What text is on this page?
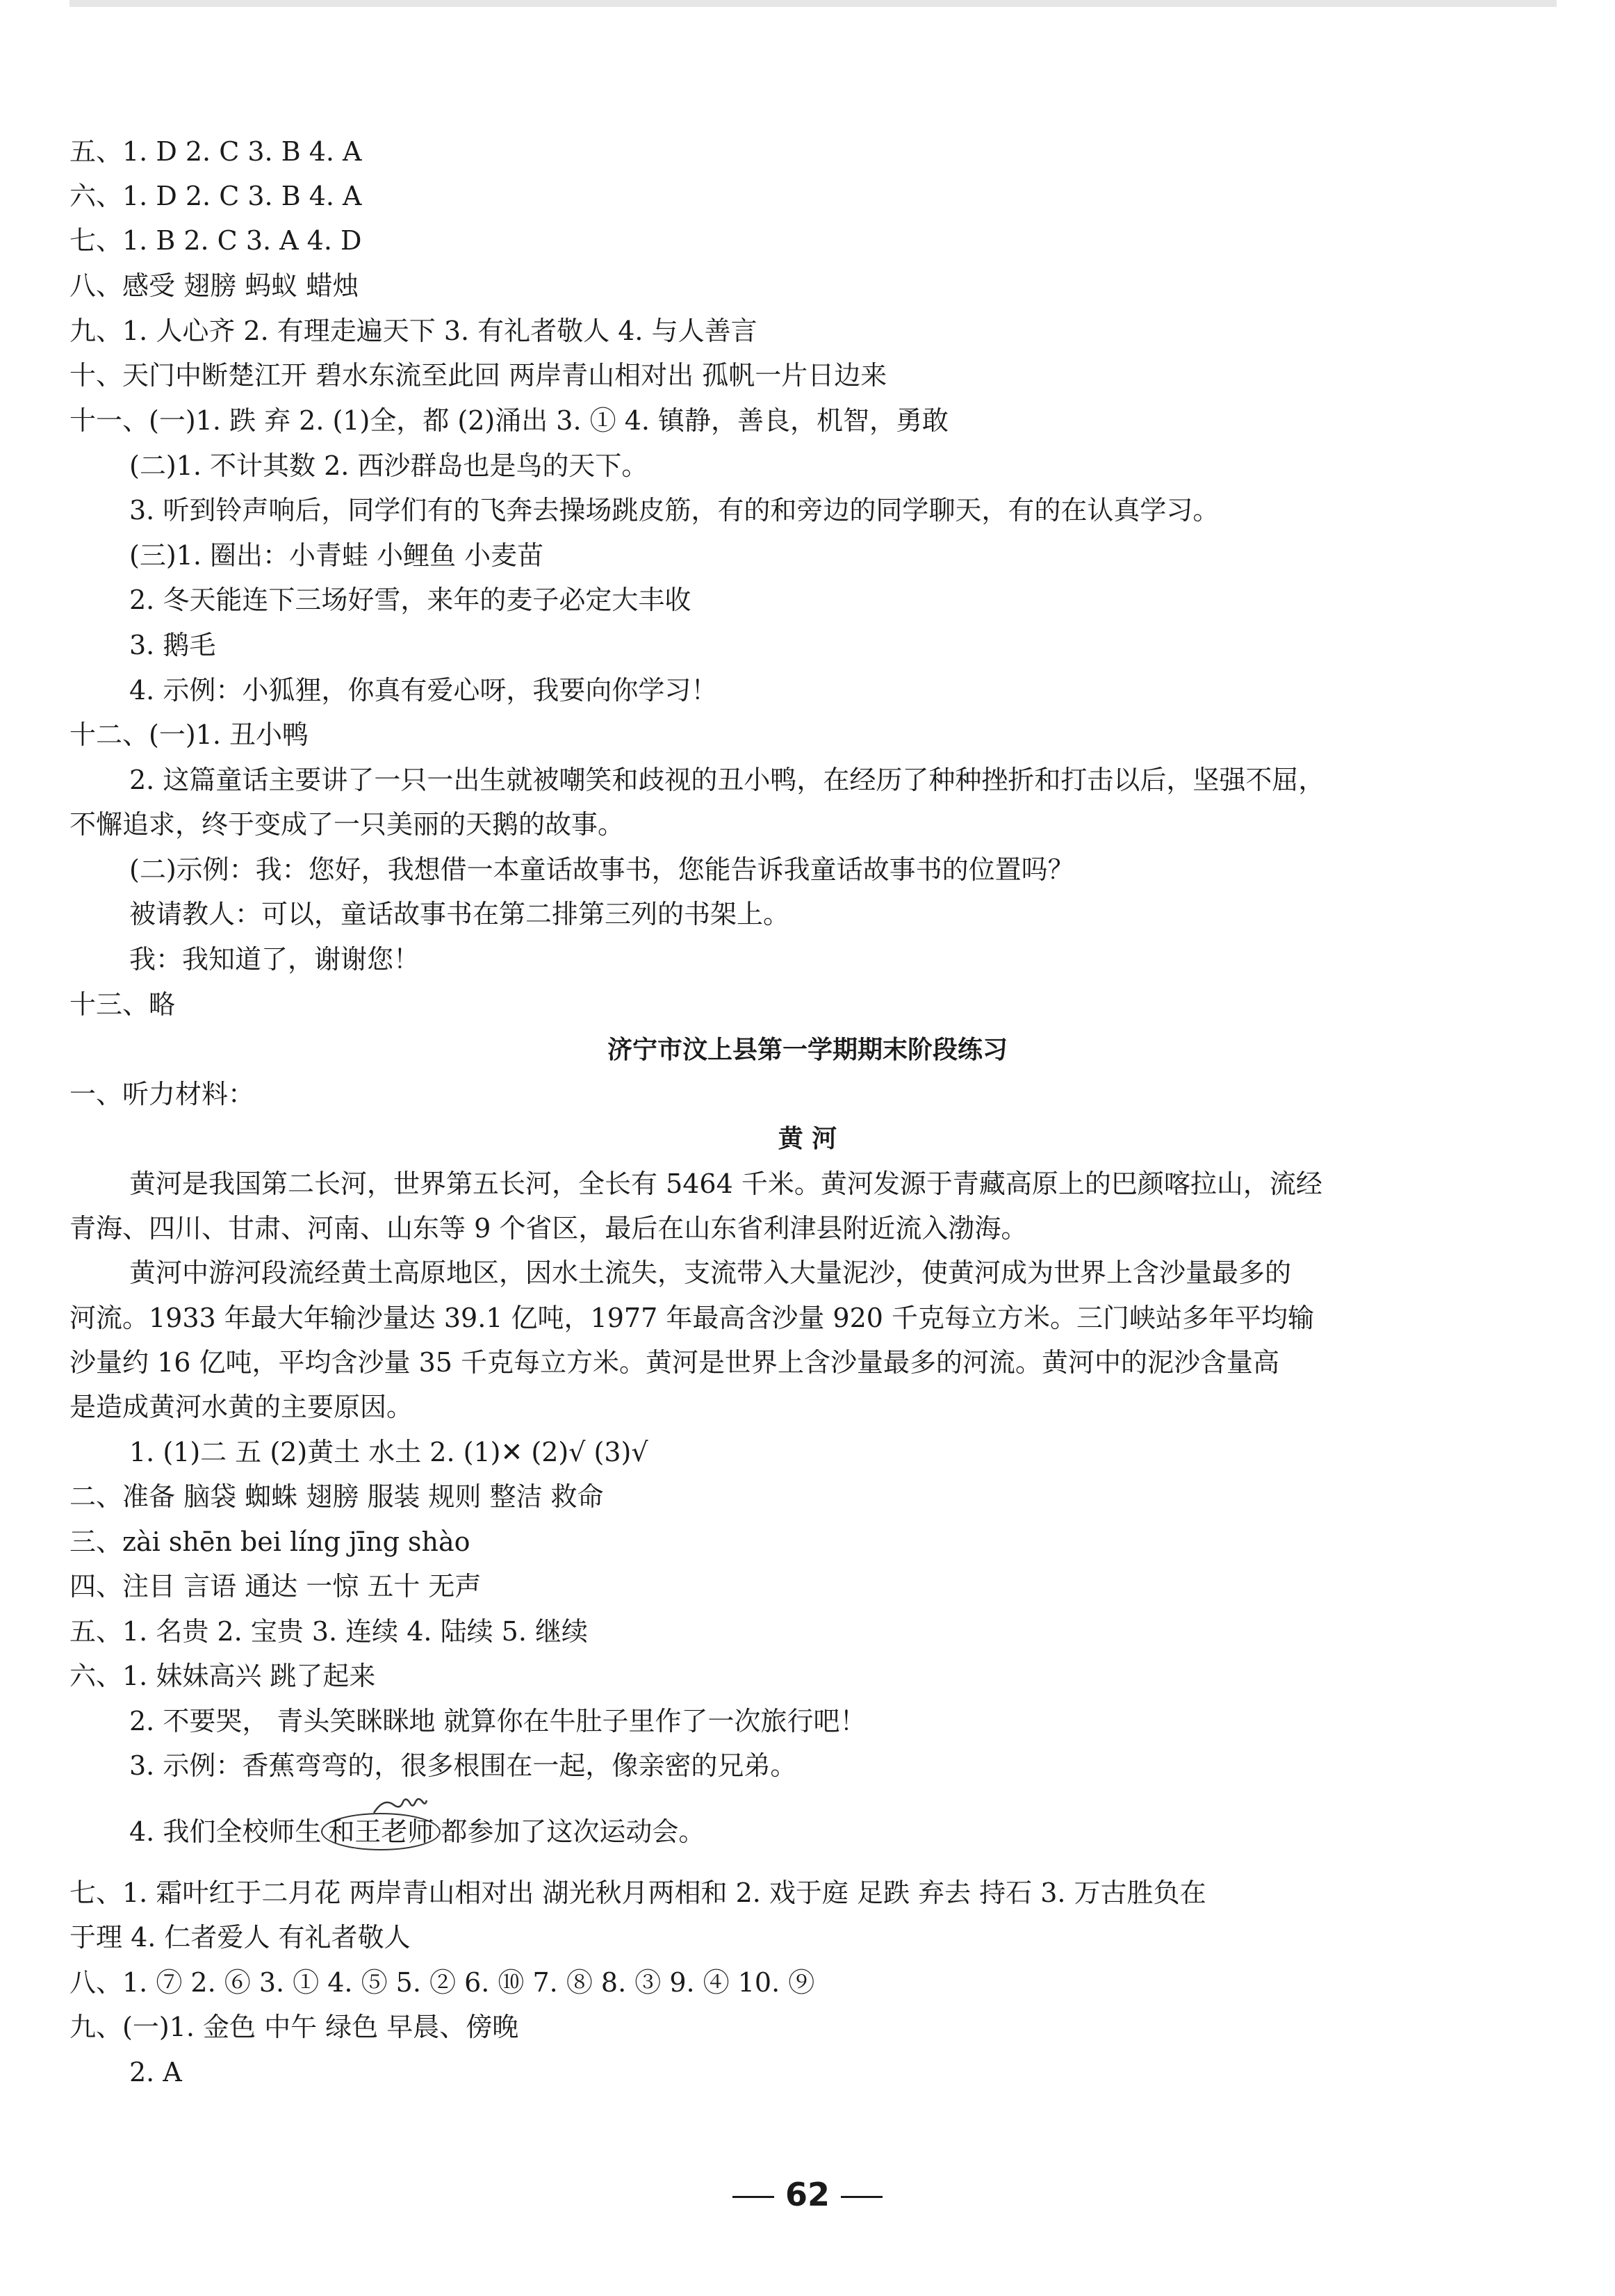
五、1. D 2. C 3. B 4. A
六、1. D 2. C 3. B 4. A
七、1. B 2. C 3. A 4. D
八、感受 翅膀 蚂蚁 蜡烛
九、1. 人心齐 2. 有理走遍天下 3. 有礼者敬人 4. 与人善言
十、天门中断楚江开 碧水东流至此回 两岸青山相对出 孤帆一片日边来
十一、(一)1. 跌 弃 2. (1)全，都 (2)涌出 3. ① 4. 镇静，善良，机智，勇敢
(二)1. 不计其数 2. 西沙群岛也是鸟的天下。
3. 听到铃声响后，同学们有的飞奔去操场跳皮筋，有的和旁边的同学聊天，有的在认真学习。
(三)1. 圈出：小青蛙 小鲤鱼 小麦苗
2. 冬天能连下三场好雪，来年的麦子必定大丰收
3. 鹅毛
4. 示例：小狐狸，你真有爱心呀，我要向你学习！
十二、(一)1. 丑小鸭
2. 这篇童话主要讲了一只一出生就被嘲笑和歧视的丑小鸭，在经历了种种挫折和打击以后，坚强不屈，
不懈追求，终于变成了一只美丽的天鹅的故事。
(二)示例：我：您好，我想借一本童话故事书，您能告诉我童话故事书的位置吗？
被请教人：可以，童话故事书在第二排第三列的书架上。
我：我知道了，谢谢您！
十三、略
济宁市汶上县第一学期期末阶段练习
一、听力材料：
黄 河
黄河是我国第二长河，世界第五长河，全长有 5464 千米。黄河发源于青藏高原上的巴颜喀拉山，流经
青海、四川、甘肃、河南、山东等 9 个省区，最后在山东省利津县附近流入渤海。
黄河中游河段流经黄土高原地区，因水土流失，支流带入大量泥沙，使黄河成为世界上含沙量最多的
河流。1933 年最大年输沙量达 39.1 亿吨，1977 年最高含沙量 920 千克每立方米。三门峡站多年平均输
沙量约 16 亿吨，平均含沙量 35 千克每立方米。黄河是世界上含沙量最多的河流。黄河中的泥沙含量高
是造成黄河水黄的主要原因。
1. (1)二 五 (2)黄土 水土 2. (1)✕ (2)√ (3)√
二、准备 脑袋 蜘蛛 翅膀 服装 规则 整洁 救命
三、zài shēn bei líng jīng shào
四、注目 言语 通达 一惊 五十 无声
五、1. 名贵 2. 宝贵 3. 连续 4. 陆续 5. 继续
六、1. 妹妹高兴 跳了起来
2. 不要哭， 青头笑眯眯地 就算你在牛肚子里作了一次旅行吧！
3. 示例：香蕉弯弯的，很多根围在一起，像亲密的兄弟。
4. 我们全校师生 和王老师 都参加了这次运动会。
七、1. 霜叶红于二月花 两岸青山相对出 湖光秋月两相和 2. 戏于庭 足跌 弃去 持石 3. 万古胜负在
于理 4. 仁者爱人 有礼者敬人
八、1. ⑦ 2. ⑥ 3. ① 4. ⑤ 5. ② 6. ⑩ 7. ⑧ 8. ③ 9. ④ 10. ⑨
九、(一)1. 金色 中午 绿色 早晨、傍晚
2. A
62
